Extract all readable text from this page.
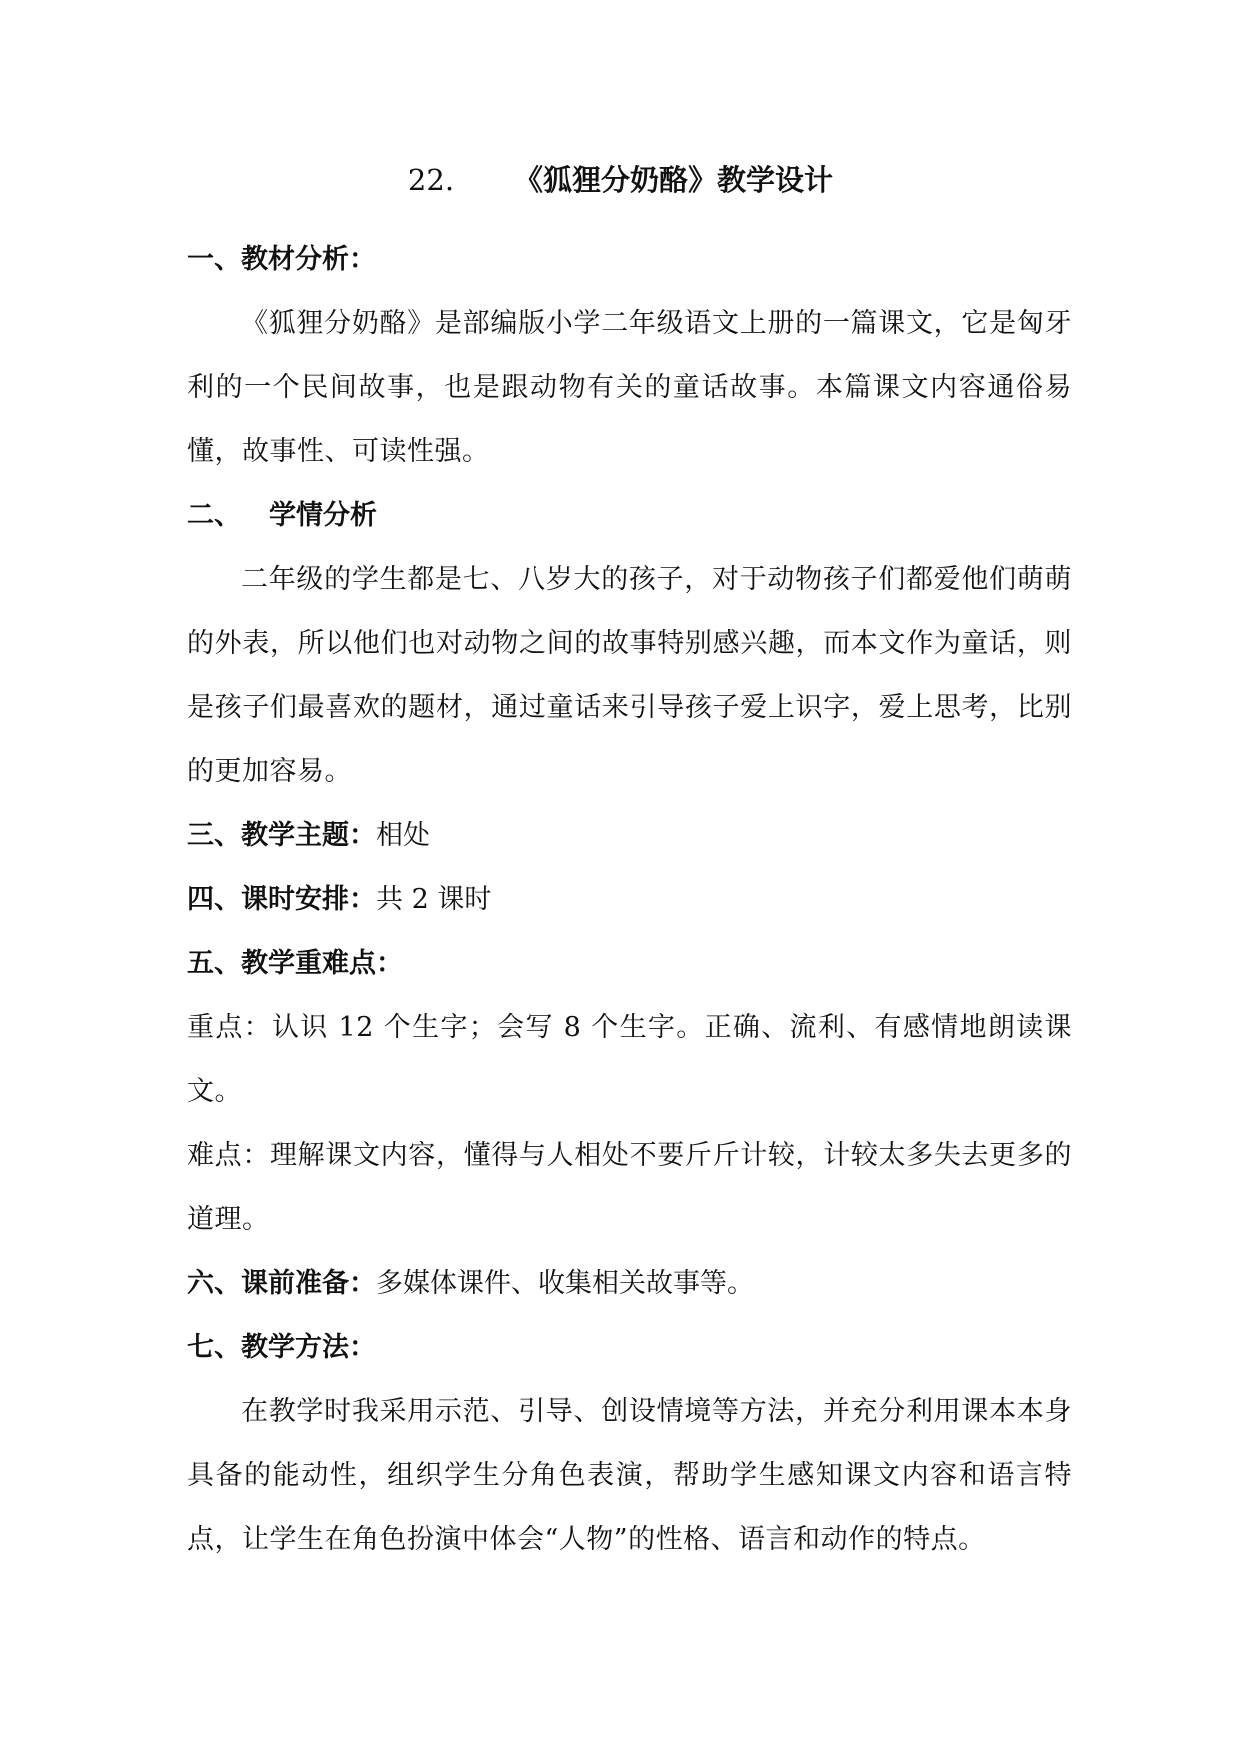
22. 《狐狸分奶酪》教学设计
一、教材分析：
《狐狸分奶酪》是部编版小学二年级语文上册的一篇课文，它是匈牙利的一个民间故事，也是跟动物有关的童话故事。本篇课文内容通俗易懂，故事性、可读性强。
二、 学情分析
二年级的学生都是七、八岁大的孩子，对于动物孩子们都爱他们萌萌的外表，所以他们也对动物之间的故事特别感兴趣，而本文作为童话，则是孩子们最喜欢的题材，通过童话来引导孩子爱上识字，爱上思考，比别的更加容易。
三、教学主题：相处
四、课时安排：共 2 课时
五、教学重难点：
重点：认识 12 个生字；会写 8 个生字。正确、流利、有感情地朗读课文。
难点：理解课文内容，懂得与人相处不要斤斤计较，计较太多失去更多的道理。
六、课前准备：多媒体课件、收集相关故事等。
七、教学方法：
在教学时我采用示范、引导、创设情境等方法，并充分利用课本本身具备的能动性，组织学生分角色表演，帮助学生感知课文内容和语言特点，让学生在角色扮演中体会“人物”的性格、语言和动作的特点。
